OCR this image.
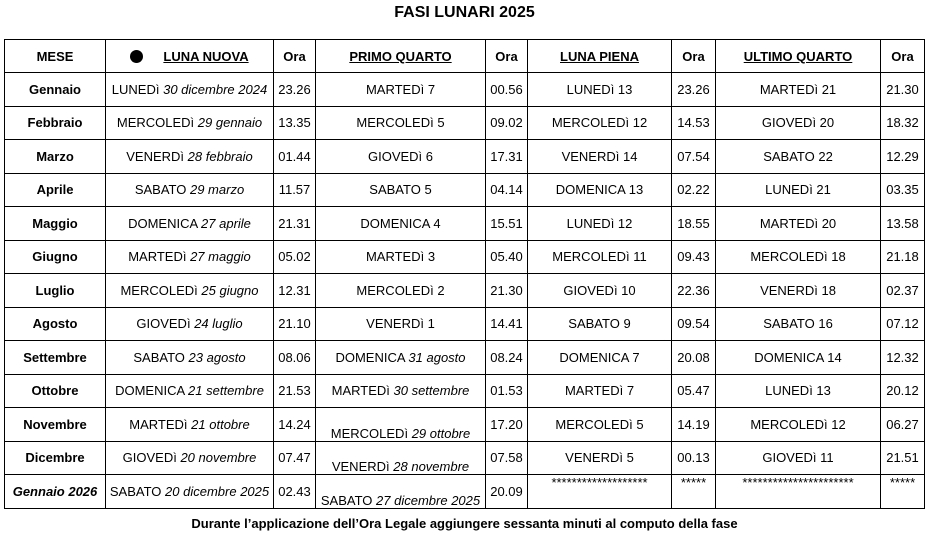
FASI LUNARI 2025
MESE	LUNA NUOVA	Ora	PRIMO QUARTO	Ora	LUNA PIENA	Ora	ULTIMO QUARTO	Ora
Gennaio	LUNEDì 30 dicembre 2024	23.26	MARTEDì 7	00.56	LUNEDì 13	23.26	MARTEDì 21	21.30
Febbraio	MERCOLEDì 29 gennaio	13.35	MERCOLEDì 5	09.02	MERCOLEDì 12	14.53	GIOVEDì 20	18.32
Marzo	VENERDì 28 febbraio	01.44	GIOVEDì 6	17.31	VENERDì 14	07.54	SABATO 22	12.29
Aprile	SABATO 29 marzo	11.57	SABATO 5	04.14	DOMENICA 13	02.22	LUNEDì 21	03.35
Maggio	DOMENICA 27 aprile	21.31	DOMENICA 4	15.51	LUNEDì 12	18.55	MARTEDì 20	13.58
Giugno	MARTEDì 27 maggio	05.02	MARTEDì 3	05.40	MERCOLEDì 11	09.43	MERCOLEDì 18	21.18
Luglio	MERCOLEDì 25 giugno	12.31	MERCOLEDì 2	21.30	GIOVEDì 10	22.36	VENERDì 18	02.37
Agosto	GIOVEDì 24 luglio	21.10	VENERDì 1	14.41	SABATO 9	09.54	SABATO 16	07.12
Settembre	SABATO 23 agosto	08.06	DOMENICA 31 agosto	08.24	DOMENICA 7	20.08	DOMENICA 14	12.32
Ottobre	DOMENICA 21 settembre	21.53	MARTEDì 30 settembre	01.53	MARTEDì 7	05.47	LUNEDì 13	20.12
Novembre	MARTEDì 21 ottobre	14.24	MERCOLEDì 29 ottobre	17.20	MERCOLEDì 5	14.19	MERCOLEDì 12	06.27
Dicembre	GIOVEDì 20 novembre	07.47	VENERDì 28 novembre	07.58	VENERDì 5	00.13	GIOVEDì 11	21.51
Gennaio 2026	SABATO 20 dicembre 2025	02.43	SABATO 27 dicembre 2025	20.09	*******************	*****	**********************	*****
Durante l’applicazione dell’Ora Legale aggiungere sessanta minuti al computo della fase
